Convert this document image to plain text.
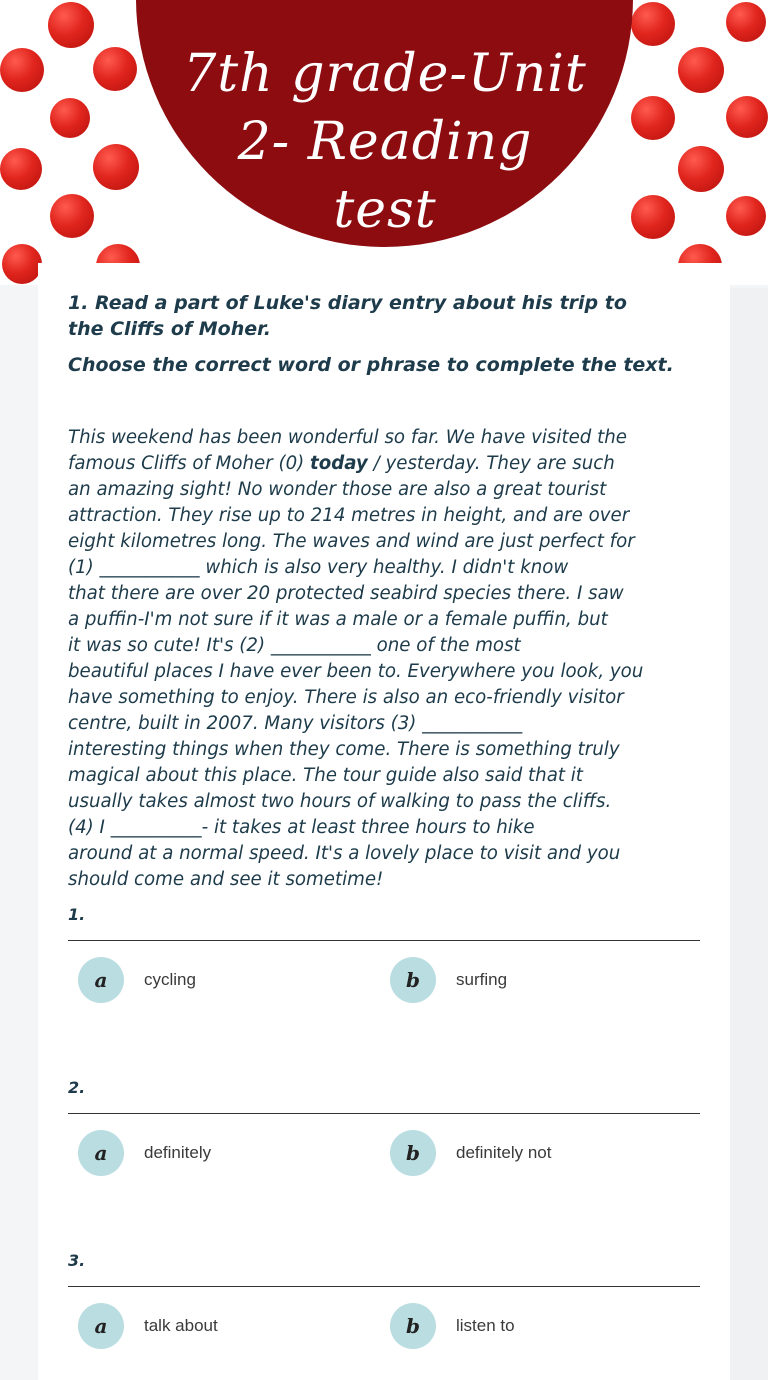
7th grade-Unit
2- Reading
test
1. Read a part of Luke's diary entry about his trip to the Cliffs of Moher.
Choose the correct word or phrase to complete the text.

This weekend has been wonderful so far. We have visited the

famous Cliffs of Moher (0) today / yesterday. They are such

an amazing sight! No wonder those are also a great tourist

attraction. They rise up to 214 metres in height, and are over

eight kilometres long. The waves and wind are just perfect for

(1) ___________ which is also very healthy. I didn't know

that there are over 20 protected seabird species there. I saw

a puffin-I'm not sure if it was a male or a female puffin, but

it was so cute! It's (2) ___________ one of the most

beautiful places I have ever been to. Everywhere you look, you

have something to enjoy. There is also an eco-friendly visitor

centre, built in 2007. Many visitors (3) ___________

interesting things when they come. There is something truly

magical about this place. The tour guide also said that it

usually takes almost two hours of walking to pass the cliffs.

(4) I __________- it takes at least three hours to hike

around at a normal speed. It's a lovely place to visit and you

should come and see it sometime!

1.
a	cycling	b	surfing
2.
a	definitely	b	definitely not
3.
a	talk about	b	listen to
